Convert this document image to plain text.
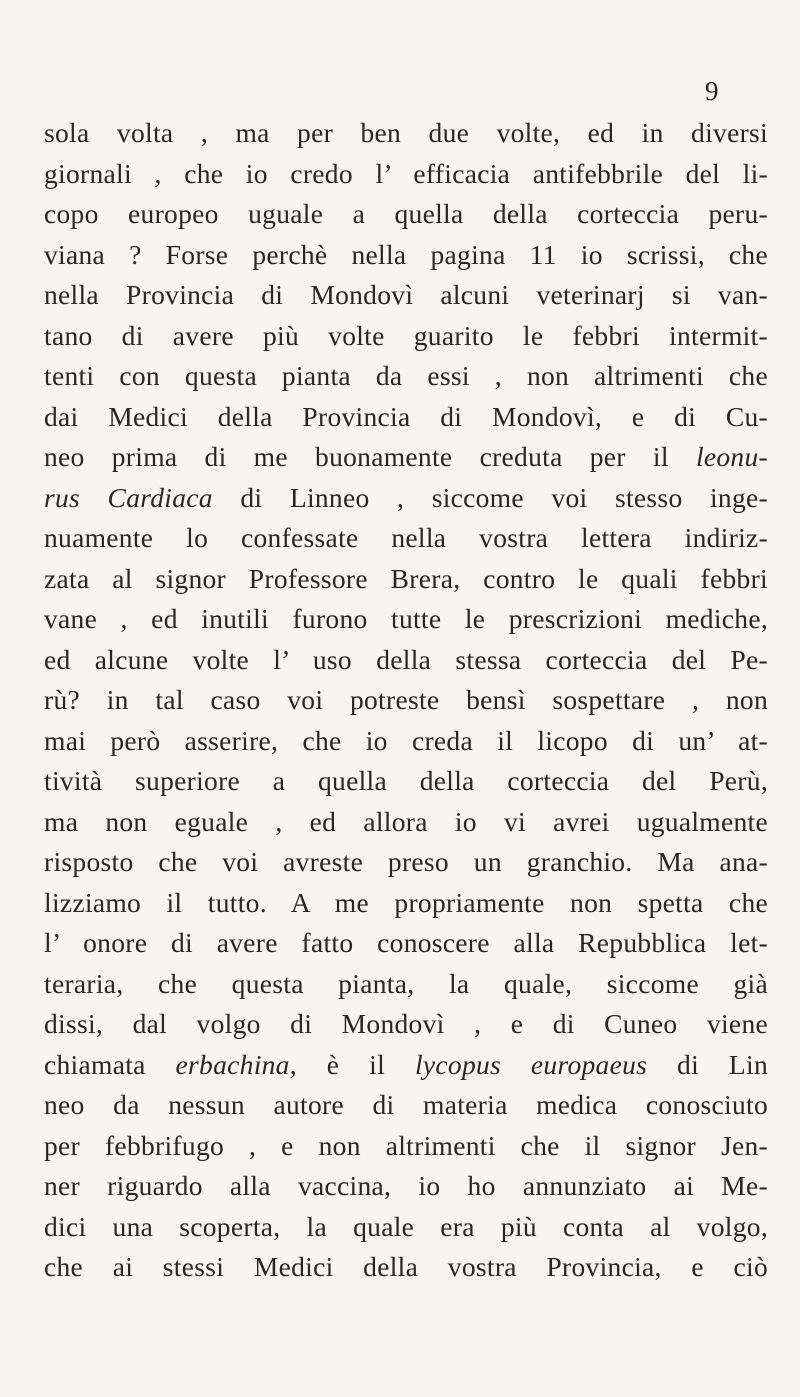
9
sola volta , ma per ben due volte, ed in diversi
giornali , che io credo l’ efficacia antifebbrile del li-
copo europeo uguale a quella della corteccia peru-
viana ? Forse perchè nella pagina 11 io scrissi, che
nella Provincia di Mondovì alcuni veterinarj si van-
tano di avere più volte guarito le febbri intermit-
tenti con questa pianta da essi , non altrimenti che
dai Medici della Provincia di Mondovì, e di Cu-
neo prima di me buonamente creduta per il leonu-
rus Cardiaca di Linneo , siccome voi stesso inge-
nuamente lo confessate nella vostra lettera indiriz-
zata al signor Professore Brera, contro le quali febbri
vane , ed inutili furono tutte le prescrizioni mediche,
ed alcune volte l’ uso della stessa corteccia del Pe-
rù? in tal caso voi potreste bensì sospettare , non
mai però asserire, che io creda il licopo di un’ at-
tività superiore a quella della corteccia del Perù,
ma non eguale , ed allora io vi avrei ugualmente
risposto che voi avreste preso un granchio. Ma ana-
lizziamo il tutto. A me propriamente non spetta che
l’ onore di avere fatto conoscere alla Repubblica let-
teraria, che questa pianta, la quale, siccome già
dissi, dal volgo di Mondovì , e di Cuneo viene
chiamata erbachina, è il lycopus europaeus di Lin
neo da nessun autore di materia medica conosciuto
per febbrifugo , e non altrimenti che il signor Jen-
ner riguardo alla vaccina, io ho annunziato ai Me-
dici una scoperta, la quale era più conta al volgo,
che ai stessi Medici della vostra Provincia, e ciò
